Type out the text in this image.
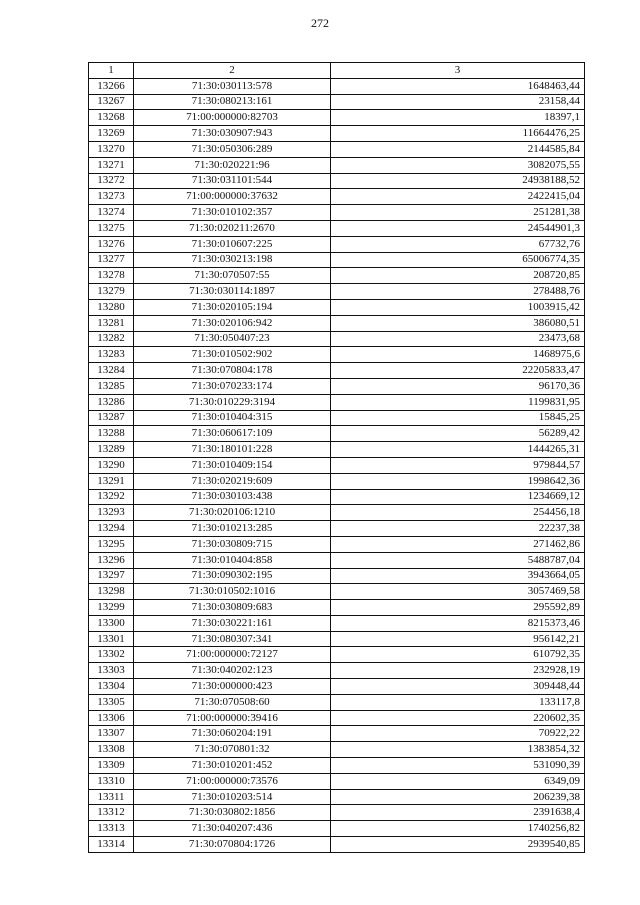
272
1	2	3
13266	71:30:030113:578	1648463,44
13267	71:30:080213:161	23158,44
13268	71:00:000000:82703	18397,1
13269	71:30:030907:943	11664476,25
13270	71:30:050306:289	2144585,84
13271	71:30:020221:96	3082075,55
13272	71:30:031101:544	24938188,52
13273	71:00:000000:37632	2422415,04
13274	71:30:010102:357	251281,38
13275	71:30:020211:2670	24544901,3
13276	71:30:010607:225	67732,76
13277	71:30:030213:198	65006774,35
13278	71:30:070507:55	208720,85
13279	71:30:030114:1897	278488,76
13280	71:30:020105:194	1003915,42
13281	71:30:020106:942	386080,51
13282	71:30:050407:23	23473,68
13283	71:30:010502:902	1468975,6
13284	71:30:070804:178	22205833,47
13285	71:30:070233:174	96170,36
13286	71:30:010229:3194	1199831,95
13287	71:30:010404:315	15845,25
13288	71:30:060617:109	56289,42
13289	71:30:180101:228	1444265,31
13290	71:30:010409:154	979844,57
13291	71:30:020219:609	1998642,36
13292	71:30:030103:438	1234669,12
13293	71:30:020106:1210	254456,18
13294	71:30:010213:285	22237,38
13295	71:30:030809:715	271462,86
13296	71:30:010404:858	5488787,04
13297	71:30:090302:195	3943664,05
13298	71:30:010502:1016	3057469,58
13299	71:30:030809:683	295592,89
13300	71:30:030221:161	8215373,46
13301	71:30:080307:341	956142,21
13302	71:00:000000:72127	610792,35
13303	71:30:040202:123	232928,19
13304	71:30:000000:423	309448,44
13305	71:30:070508:60	133117,8
13306	71:00:000000:39416	220602,35
13307	71:30:060204:191	70922,22
13308	71:30:070801:32	1383854,32
13309	71:30:010201:452	531090,39
13310	71:00:000000:73576	6349,09
13311	71:30:010203:514	206239,38
13312	71:30:030802:1856	2391638,4
13313	71:30:040207:436	1740256,82
13314	71:30:070804:1726	2939540,85
